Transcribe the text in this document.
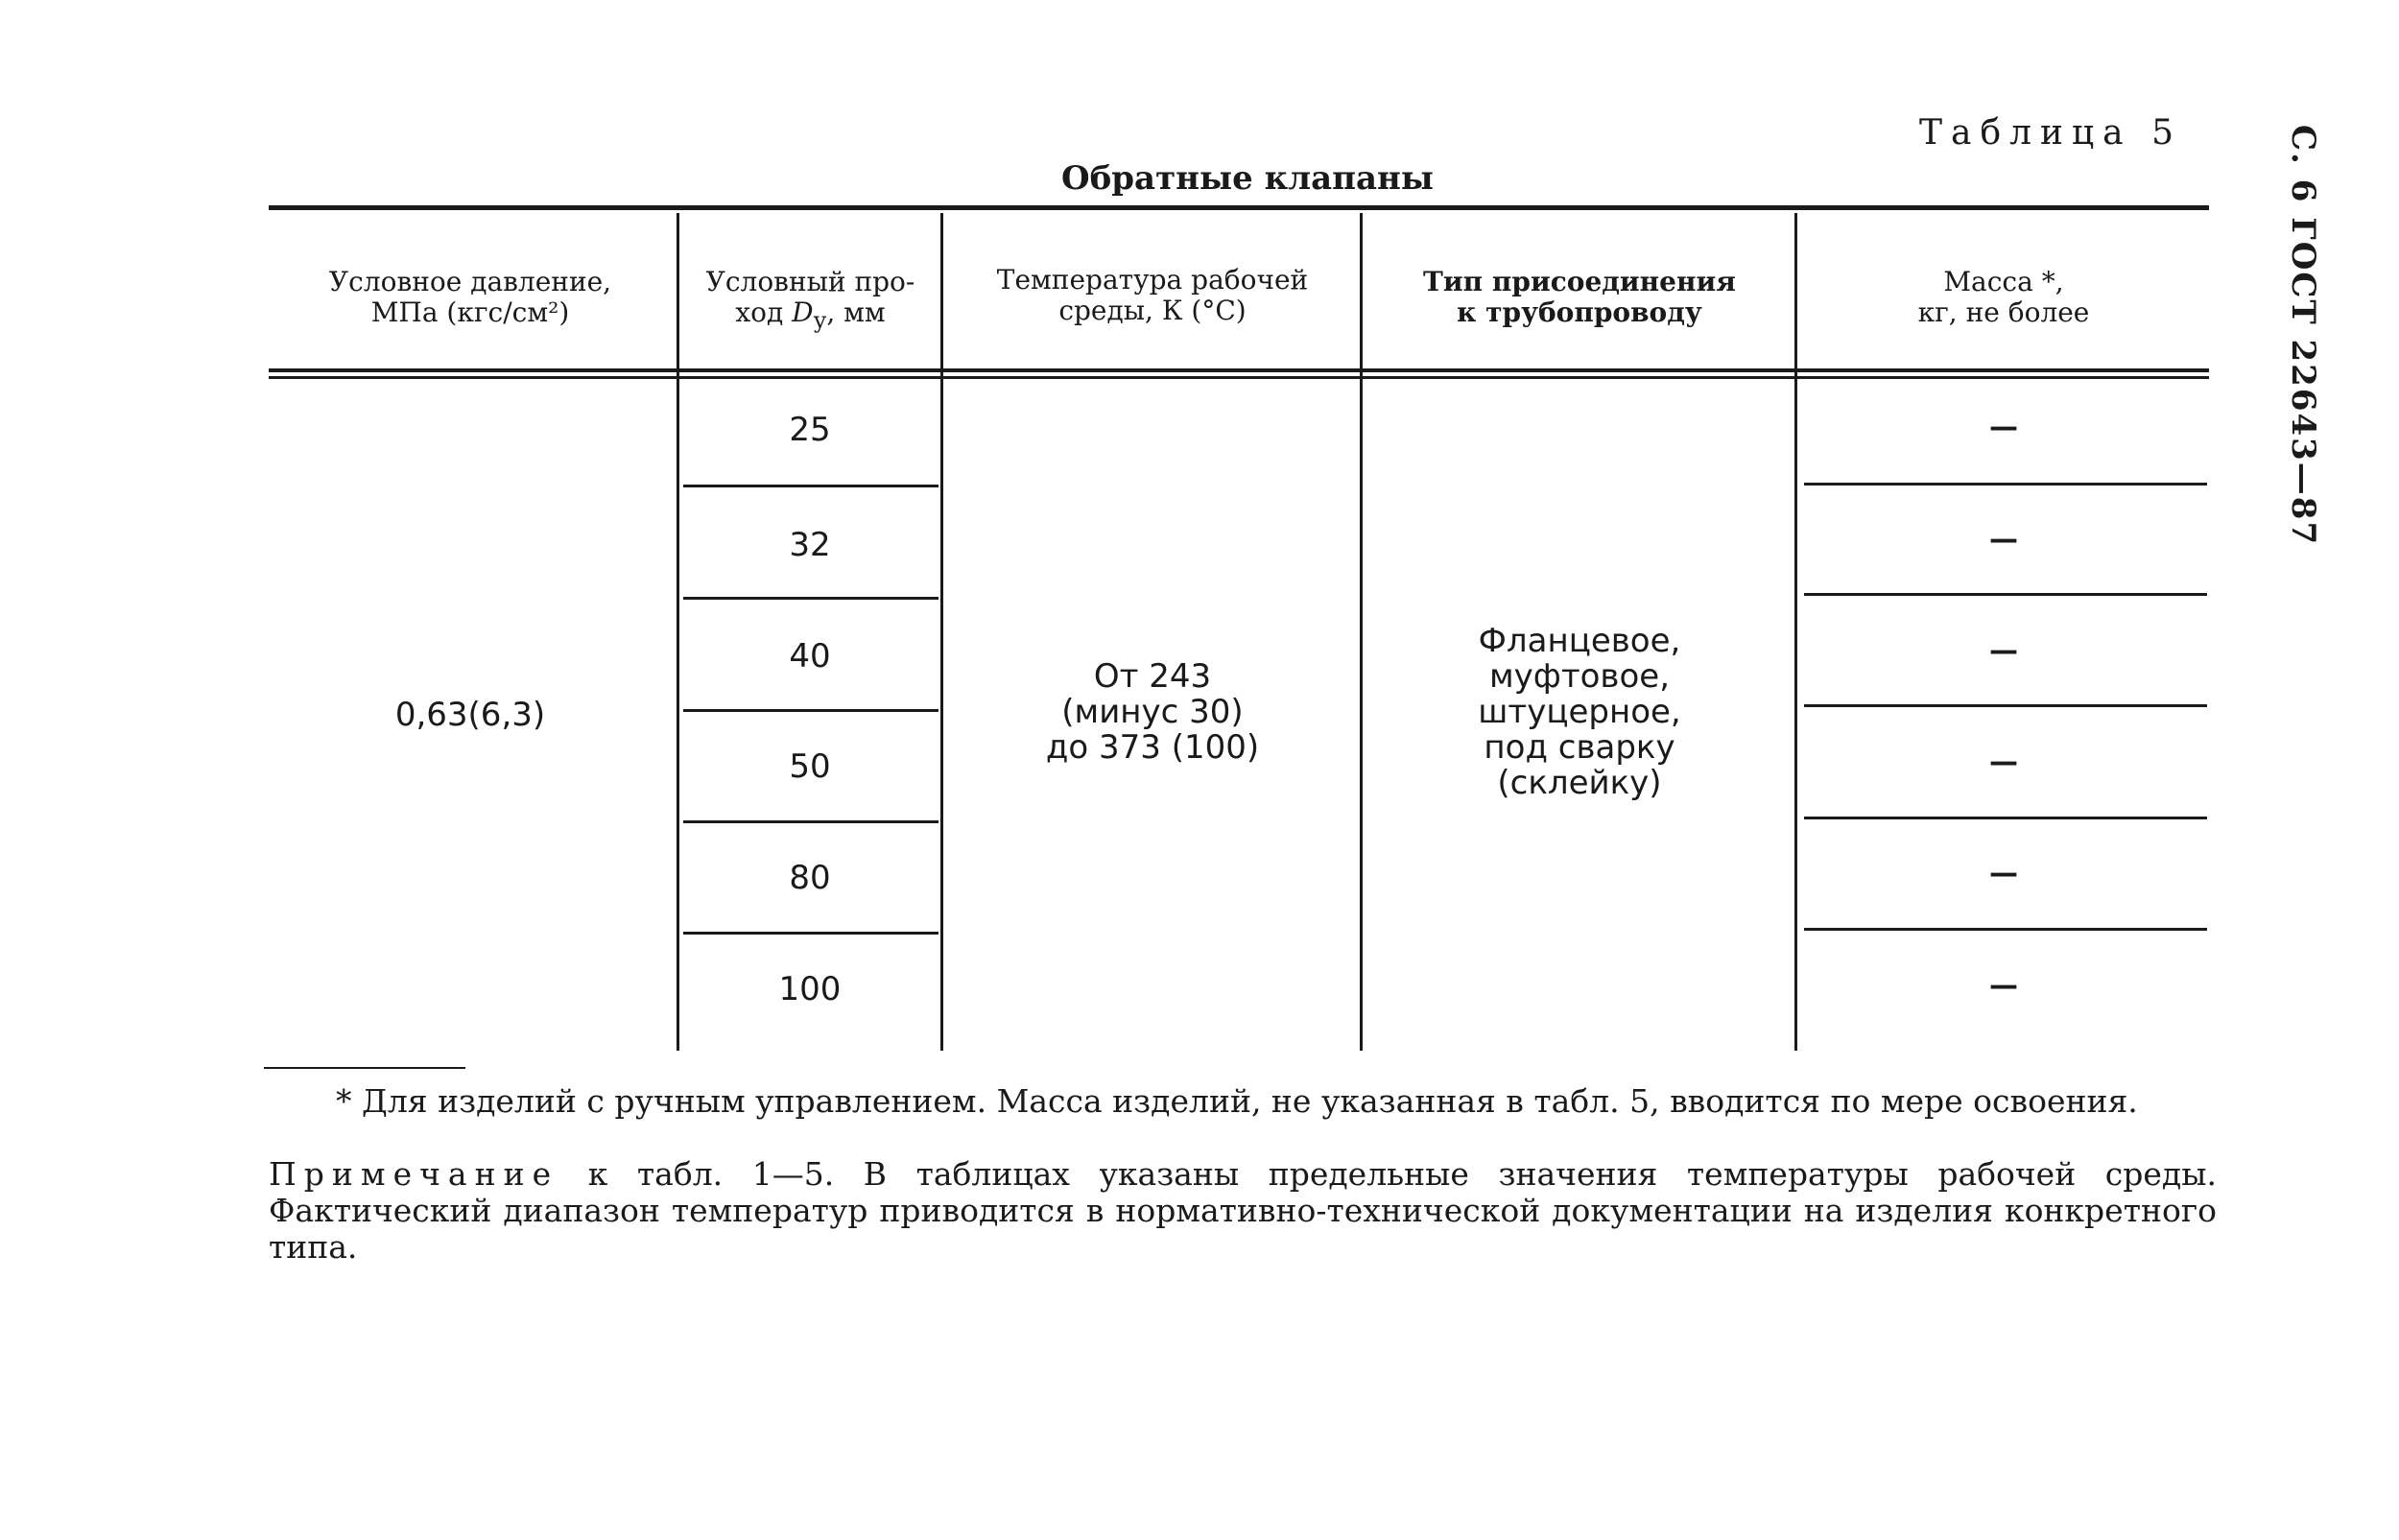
Таблица 5
Обратные клапаны	С. 6 ГОСТ 22643—87
Условное давление,
МПа (кгс/см²)
Условный про-
ход $D_у$, мм
Температура рабочей
среды, К (°С)
Тип присоединения
к трубопроводу
Масса *,
кг, не более
0,63(6,3)
От 243
(минус 30)
до 373 (100)
Фланцевое,
муфтовое,
штуцерное,
под сварку
(склейку)
25
32
40
50
80
100
—
—
—
—
—
—
* Для изделий с ручным управлением. Масса изделий, не указанная в табл. 5, вводится по мере освоения.
Примечание к табл. 1—5. В таблицах указаны предельные значения температуры рабочей среды. Фактический диапазон температур приводится в нормативно-технической документации на изделия конкретного типа.
